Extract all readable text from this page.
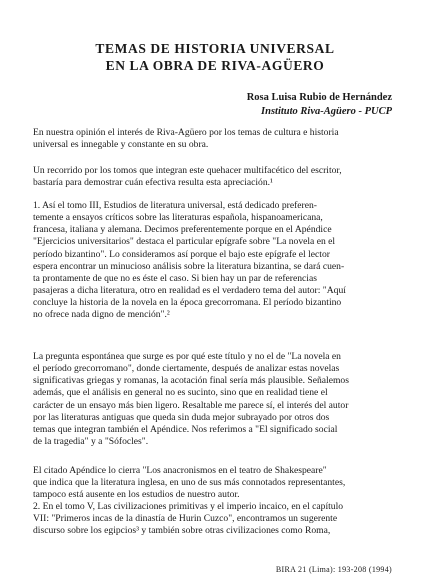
TEMAS DE HISTORIA UNIVERSAL
EN LA OBRA DE RIVA-AGÜERO
Rosa Luisa Rubio de Hernández
Instituto Riva-Agüero - PUCP

En nuestra opinión el interés de Riva-Agüero por los temas de cultura e historia
universal es innegable y constante en su obra.

Un recorrido por los tomos que integran este quehacer multifacético del escritor,
bastaría para demostrar cuán efectiva resulta esta apreciación.¹

1. Así el tomo III, Estudios de literatura universal, está dedicado preferen-
temente a ensayos críticos sobre las literaturas española, hispanoamericana,
francesa, italiana y alemana. Decimos preferentemente porque en el Apéndice
"Ejercicios universitarios" destaca el particular epígrafe sobre "La novela en el
período bizantino". Lo consideramos así porque el bajo este epígrafe el lector
espera encontrar un minucioso análisis sobre la literatura bizantina, se dará cuen-
ta prontamente de que no es éste el caso. Si bien hay un par de referencias
pasajeras a dicha literatura, otro en realidad es el verdadero tema del autor: "Aquí
concluye la historia de la novela en la época grecorromana. El período bizantino
no ofrece nada digno de mención".²

La pregunta espontánea que surge es por qué este título y no el de "La novela en
el período grecorromano", donde ciertamente, después de analizar estas novelas
significativas griegas y romanas, la acotación final sería más plausible. Señalemos
además, que el análisis en general no es sucinto, sino que en realidad tiene el
carácter de un ensayo más bien ligero. Resaltable me parece sí, el interés del autor
por las literaturas antiguas que queda sin duda mejor subrayado por otros dos
temas que integran también el Apéndice. Nos referimos a "El significado social
de la tragedia" y a "Sófocles".

El citado Apéndice lo cierra "Los anacronismos en el teatro de Shakespeare"
que indica que la literatura inglesa, en uno de sus más connotados representantes,
tampoco está ausente en los estudios de nuestro autor.

2. En el tomo V, Las civilizaciones primitivas y el imperio incaico, en el capítulo
VII: "Primeros incas de la dinastía de Hurin Cuzco", encontramos un sugerente
discurso sobre los egipcios³ y también sobre otras civilizaciones como Roma,

BIRA 21 (Lima): 193-208 (1994)
